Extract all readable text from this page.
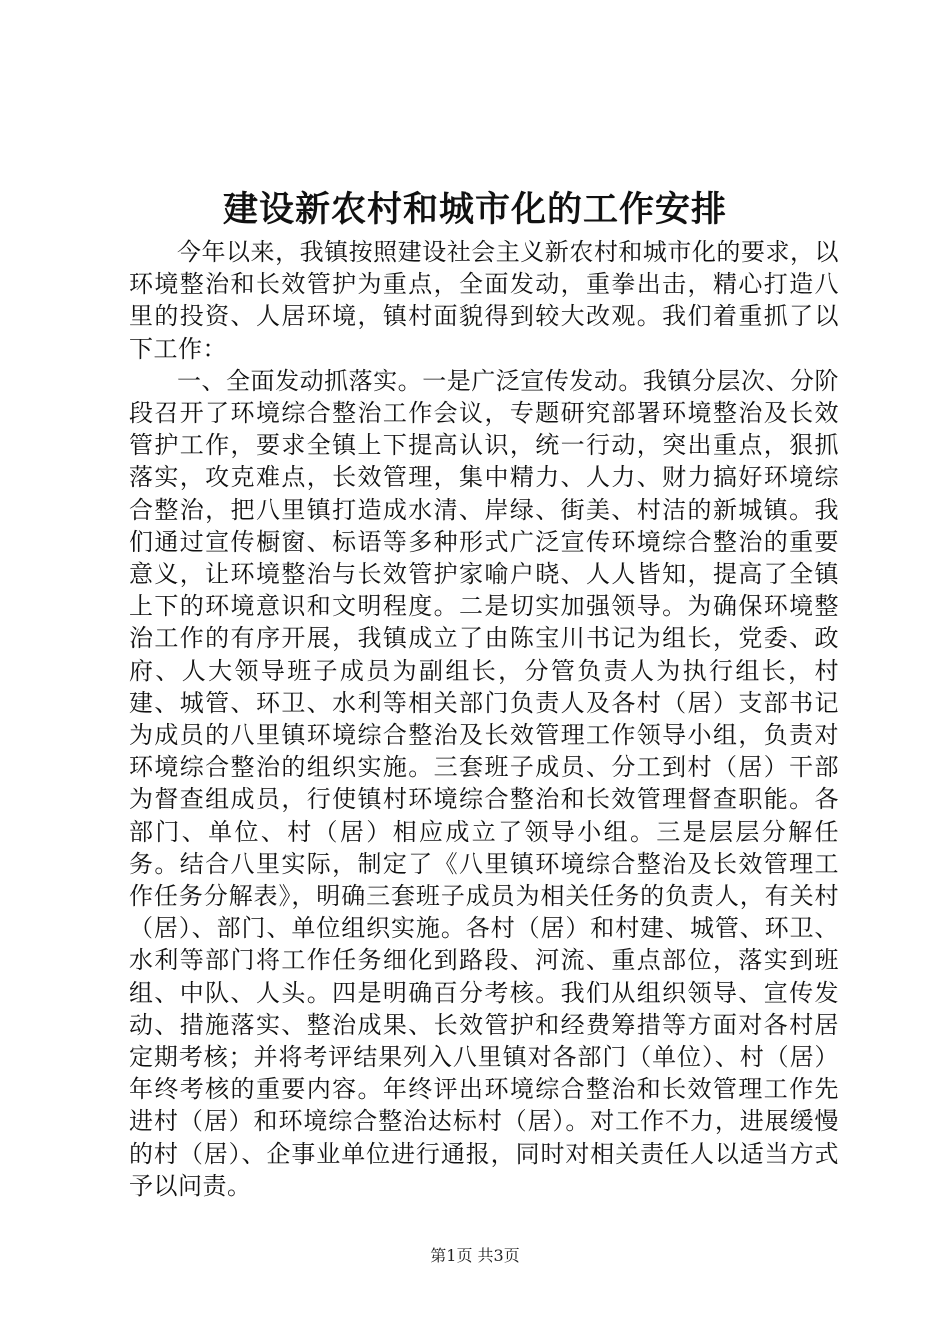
建设新农村和城市化的工作安排

今年以来，我镇按照建设社会主义新农村和城市化的要求，以环境整治和长效管护为重点，全面发动，重拳出击，精心打造八里的投资、人居环境，镇村面貌得到较大改观。我们着重抓了以下工作：

一、全面发动抓落实。一是广泛宣传发动。我镇分层次、分阶段召开了环境综合整治工作会议，专题研究部署环境整治及长效管护工作，要求全镇上下提高认识，统一行动，突出重点，狠抓落实，攻克难点，长效管理，集中精力、人力、财力搞好环境综合整治，把八里镇打造成水清、岸绿、街美、村洁的新城镇。我们通过宣传橱窗、标语等多种形式广泛宣传环境综合整治的重要意义，让环境整治与长效管护家喻户晓、人人皆知，提高了全镇上下的环境意识和文明程度。二是切实加强领导。为确保环境整治工作的有序开展，我镇成立了由陈宝川书记为组长，党委、政府、人大领导班子成员为副组长，分管负责人为执行组长，村建、城管、环卫、水利等相关部门负责人及各村（居）支部书记为成员的八里镇环境综合整治及长效管理工作领导小组，负责对环境综合整治的组织实施。三套班子成员、分工到村（居）干部为督查组成员，行使镇村环境综合整治和长效管理督查职能。各部门、单位、村（居）相应成立了领导小组。三是层层分解任务。结合八里实际，制定了《八里镇环境综合整治及长效管理工作任务分解表》，明确三套班子成员为相关任务的负责人，有关村（居）、部门、单位组织实施。各村（居）和村建、城管、环卫、水利等部门将工作任务细化到路段、河流、重点部位，落实到班组、中队、人头。四是明确百分考核。我们从组织领导、宣传发动、措施落实、整治成果、长效管护和经费筹措等方面对各村居定期考核；并将考评结果列入八里镇对各部门（单位）、村（居）年终考核的重要内容。年终评出环境综合整治和长效管理工作先进村（居）和环境综合整治达标村（居）。对工作不力，进展缓慢的村（居）、企事业单位进行通报，同时对相关责任人以适当方式予以问责。

第1页 共3页
